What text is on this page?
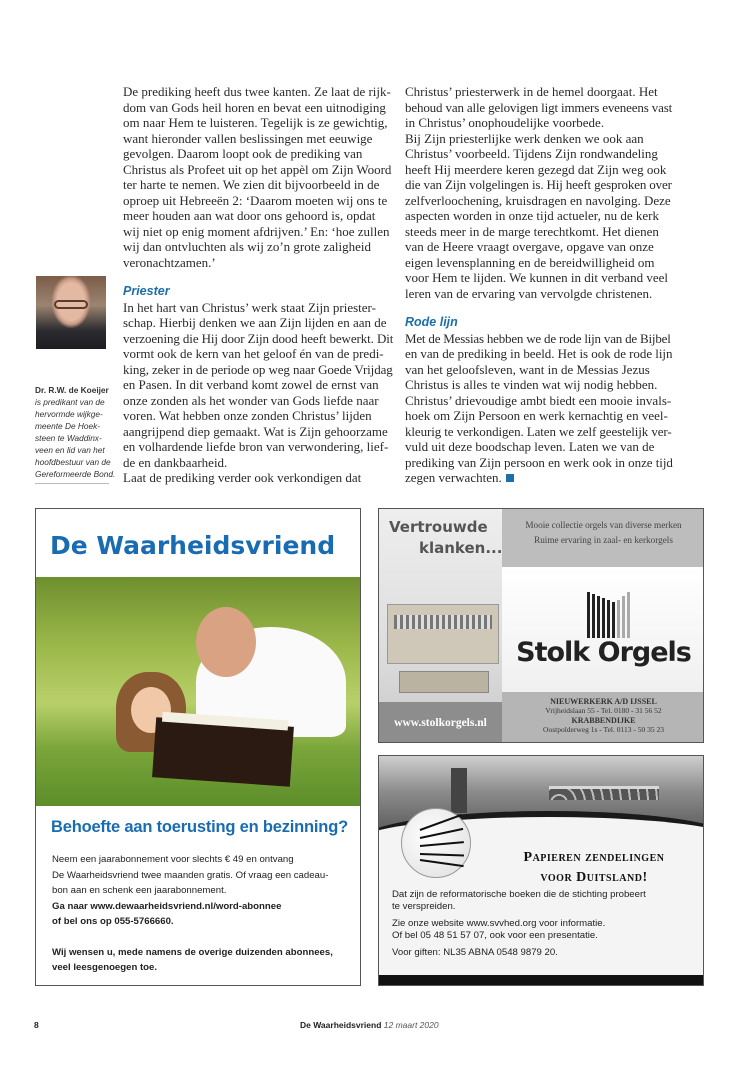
De prediking heeft dus twee kanten. Ze laat de rijk-
dom van Gods heil horen en bevat een uitnodiging
om naar Hem te luisteren. Tegelijk is ze gewichtig,
want hieronder vallen beslissingen met eeuwige
gevolgen. Daarom loopt ook de prediking van
Christus als Profeet uit op het appèl om Zijn Woord
ter harte te nemen. We zien dit bijvoorbeeld in de
oproep uit Hebreeën 2: ‘Daarom moeten wij ons te
meer houden aan wat door ons gehoord is, opdat
wij niet op enig moment afdrijven.’ En: ‘hoe zullen
wij dan ontvluchten als wij zo’n grote zaligheid
veronachtzamen.’
Priester
In het hart van Christus’ werk staat Zijn priester-
schap. Hierbij denken we aan Zijn lijden en aan de
verzoening die Hij door Zijn dood heeft bewerkt. Dit
vormt ook de kern van het geloof én van de predi-
king, zeker in de periode op weg naar Goede Vrijdag
en Pasen. In dit verband komt zowel de ernst van
onze zonden als het wonder van Gods liefde naar
voren. Wat hebben onze zonden Christus’ lijden
aangrijpend diep gemaakt. Wat is Zijn gehoorzame
en volhardende liefde bron van verwondering, lief-
de en dankbaarheid.
Laat de prediking verder ook verkondigen dat
Christus’ priesterwerk in de hemel doorgaat. Het
behoud van alle gelovigen ligt immers eveneens vast
in Christus’ onophoudelijke voorbede.
Bij Zijn priesterlijke werk denken we ook aan
Christus’ voorbeeld. Tijdens Zijn rondwandeling
heeft Hij meerdere keren gezegd dat Zijn weg ook
die van Zijn volgelingen is. Hij heeft gesproken over
zelfverloochening, kruisdragen en navolging. Deze
aspecten worden in onze tijd actueler, nu de kerk
steeds meer in de marge terechtkomt. Het dienen
van de Heere vraagt overgave, opgave van onze
eigen levensplanning en de bereidwilligheid om
voor Hem te lijden. We kunnen in dit verband veel
leren van de ervaring van vervolgde christenen.
Rode lijn
Met de Messias hebben we de rode lijn van de Bijbel
en van de prediking in beeld. Het is ook de rode lijn
van het geloofsleven, want in de Messias Jezus
Christus is alles te vinden wat wij nodig hebben.
Christus’ drievoudige ambt biedt een mooie invals-
hoek om Zijn Persoon en werk kernachtig en veel-
kleurig te verkondigen. Laten we zelf geestelijk ver-
vuld uit deze boodschap leven. Laten we van de
prediking van Zijn persoon en werk ook in onze tijd
zegen verwachten.
Dr. R.W. de Koeijer
is predikant van de
hervormde wijkge-
meente De Hoek-
steen te Waddinx-
veen en lid van het
hoofdbestuur van de
Gereformeerde Bond.
De Waarheidsvriend
Behoefte aan toerusting en bezinning?
Neem een jaarabonnement voor slechts € 49 en ontvang
De Waarheidsvriend twee maanden gratis. Of vraag een cadeau-
bon aan en schenk een jaarabonnement.
Ga naar www.dewaarheidsvriend.nl/word-abonnee
of bel ons op 055-5766660.
Wij wensen u, mede namens de overige duizenden abonnees,
veel leesgenoegen toe.
Vertrouwde
klanken...
www.stolkorgels.nl
Mooie collectie orgels van diverse merken
Ruime ervaring in zaal- en kerkorgels
Stolk Orgels
NIEUWERKERK A/D IJSSEL
Vrijheidslaan 55 - Tel. 0180 - 31 56 52
KRABBENDIJKE
Oostpolderweg 1s - Tel. 0113 - 50 35 23
Papieren zendelingen
voor Duitsland!

Dat zijn de reformatorische boeken die de stichting probeert
te verspreiden.

Zie onze website www.svvhed.org voor informatie.
Of bel 05 48 51 57 07, ook voor een presentatie.

Voor giften: NL35 ABNA 0548 9879 20.

8	De Waarheidsvriend 12 maart 2020
